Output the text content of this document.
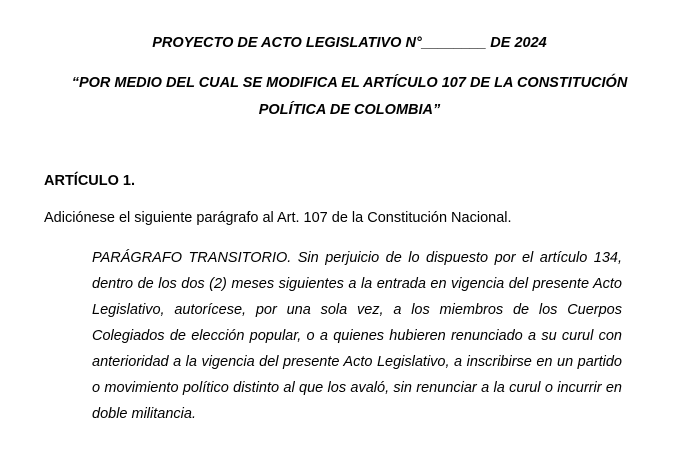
PROYECTO DE ACTO LEGISLATIVO N°________ DE 2024

“POR MEDIO DEL CUAL SE MODIFICA EL ARTÍCULO 107 DE LA CONSTITUCIÓN POLÍTICA DE COLOMBIA”

ARTÍCULO 1.

Adiciónese el siguiente parágrafo al Art. 107 de la Constitución Nacional.

PARÁGRAFO TRANSITORIO. Sin perjuicio de lo dispuesto por el artículo 134, dentro de los dos (2) meses siguientes a la entrada en vigencia del presente Acto Legislativo, autorícese, por una sola vez, a los miembros de los Cuerpos Colegiados de elección popular, o a quienes hubieren renunciado a su curul con anterioridad a la vigencia del presente Acto Legislativo, a inscribirse en un partido o movimiento político distinto al que los avaló, sin renunciar a la curul o incurrir en doble militancia.
